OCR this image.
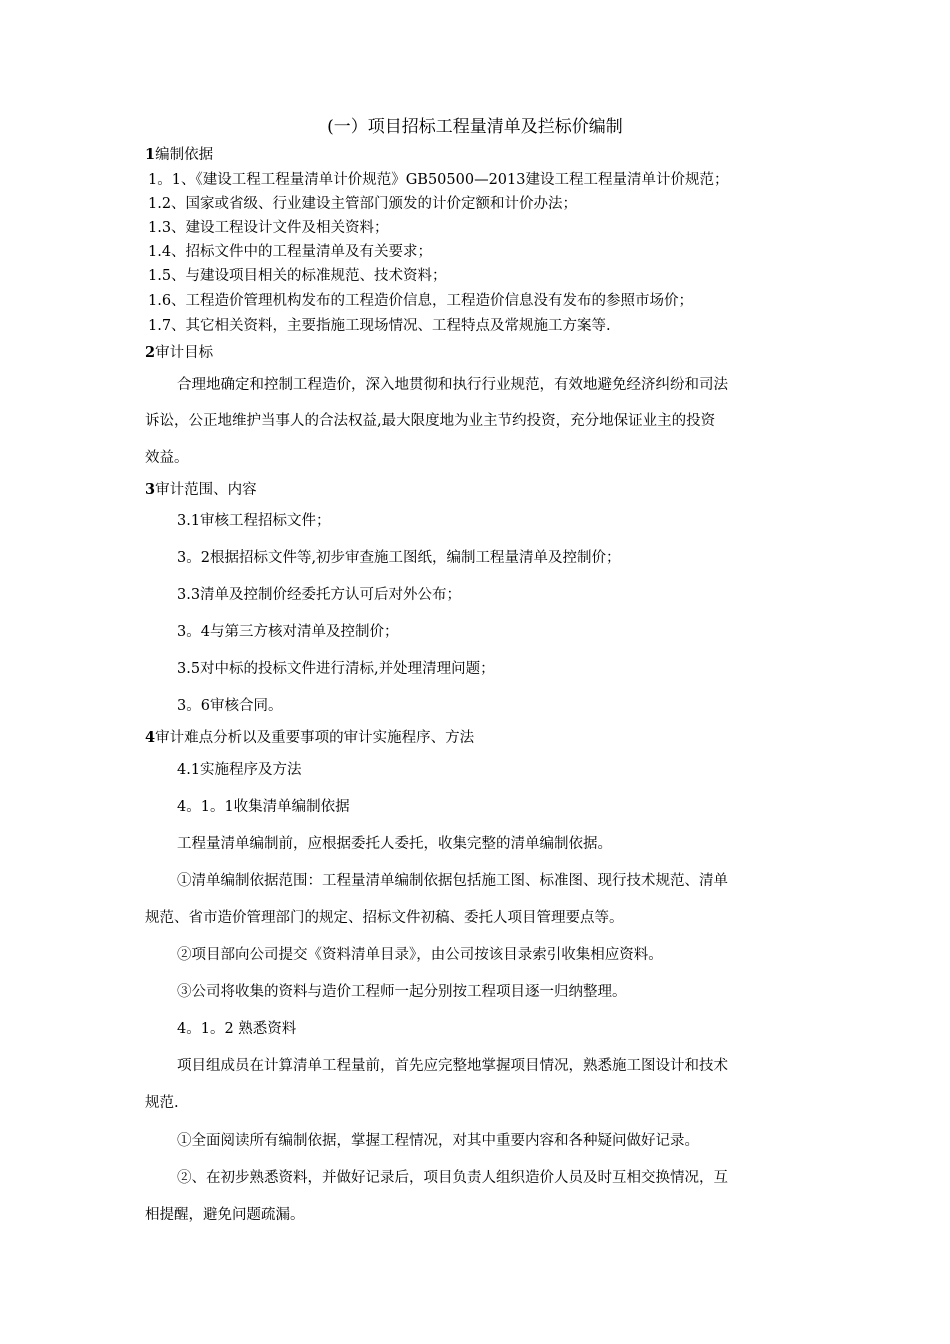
(一）项目招标工程量清单及拦标价编制
1编制依据
1。1、《建设工程工程量清单计价规范》GB50500—2013建设工程工程量清单计价规范；
1.2、国家或省级、行业建设主管部门颁发的计价定额和计价办法；
1.3、建设工程设计文件及相关资料；
1.4、招标文件中的工程量清单及有关要求；
1.5、与建设项目相关的标准规范、技术资料；
1.6、工程造价管理机构发布的工程造价信息，工程造价信息没有发布的参照市场价；
1.7、其它相关资料，主要指施工现场情况、工程特点及常规施工方案等.
2审计目标
合理地确定和控制工程造价，深入地贯彻和执行行业规范，有效地避免经济纠纷和司法
诉讼，公正地维护当事人的合法权益,最大限度地为业主节约投资，充分地保证业主的投资
效益。
3审计范围、内容
3.1审核工程招标文件；
3。2根据招标文件等,初步审查施工图纸，编制工程量清单及控制价；
3.3清单及控制价经委托方认可后对外公布；
3。4与第三方核对清单及控制价；
3.5对中标的投标文件进行清标,并处理清理问题；
3。6审核合同。
4审计难点分析以及重要事项的审计实施程序、方法
4.1实施程序及方法
4。1。1收集清单编制依据
工程量清单编制前，应根据委托人委托，收集完整的清单编制依据。
①清单编制依据范围：工程量清单编制依据包括施工图、标准图、现行技术规范、清单
规范、省市造价管理部门的规定、招标文件初稿、委托人项目管理要点等。
②项目部向公司提交《资料清单目录》，由公司按该目录索引收集相应资料。
③公司将收集的资料与造价工程师一起分别按工程项目逐一归纳整理。
4。1。2 熟悉资料
项目组成员在计算清单工程量前，首先应完整地掌握项目情况，熟悉施工图设计和技术
规范.
①全面阅读所有编制依据，掌握工程情况，对其中重要内容和各种疑问做好记录。
②、在初步熟悉资料，并做好记录后，项目负责人组织造价人员及时互相交换情况，互
相提醒，避免问题疏漏。
